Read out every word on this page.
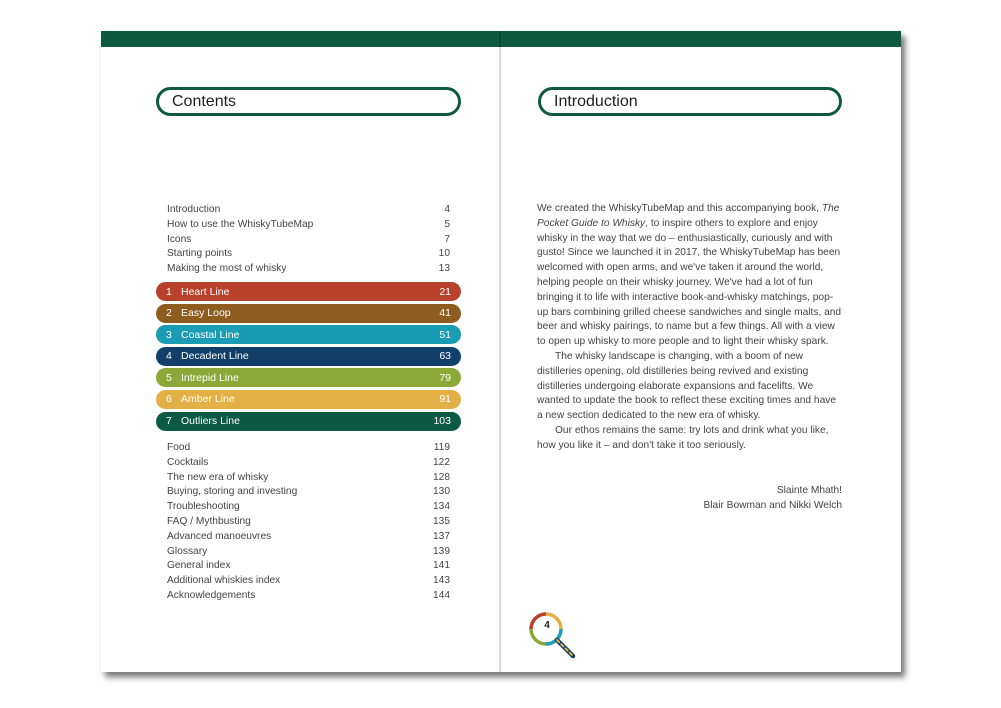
Contents
Introduction	4
How to use the WhiskyTubeMap	5
Icons	7
Starting points	10
Making the most of whisky	13
1 Heart Line	21
2 Easy Loop	41
3 Coastal Line	51
4 Decadent Line	63
5 Intrepid Line	79
6 Amber Line	91
7 Outliers Line	103
Food	119
Cocktails	122
The new era of whisky	128
Buying, storing and investing	130
Troubleshooting	134
FAQ / Mythbusting	135
Advanced manoeuvres	137
Glossary	139
General index	141
Additional whiskies index	143
Acknowledgements	144
Introduction

We created the WhiskyTubeMap and this accompanying book, The Pocket Guide to Whisky, to inspire others to explore and enjoy whisky in the way that we do – enthusiastically, curiously and with gusto! Since we launched it in 2017, the WhiskyTubeMap has been welcomed with open arms, and we've taken it around the world, helping people on their whisky journey. We've had a lot of fun bringing it to life with interactive book-and-whisky matchings, pop-up bars combining grilled cheese sandwiches and single malts, and beer and whisky pairings, to name but a few things. All with a view to open up whisky to more people and to light their whisky spark.

The whisky landscape is changing, with a boom of new distilleries opening, old distilleries being revived and existing distilleries undergoing elaborate expansions and facelifts. We wanted to update the book to reflect these exciting times and have a new section dedicated to the new era of whisky.

Our ethos remains the same: try lots and drink what you like, how you like it – and don't take it too seriously.

Slainte Mhath!
Blair Bowman and Nikki Welch
4
